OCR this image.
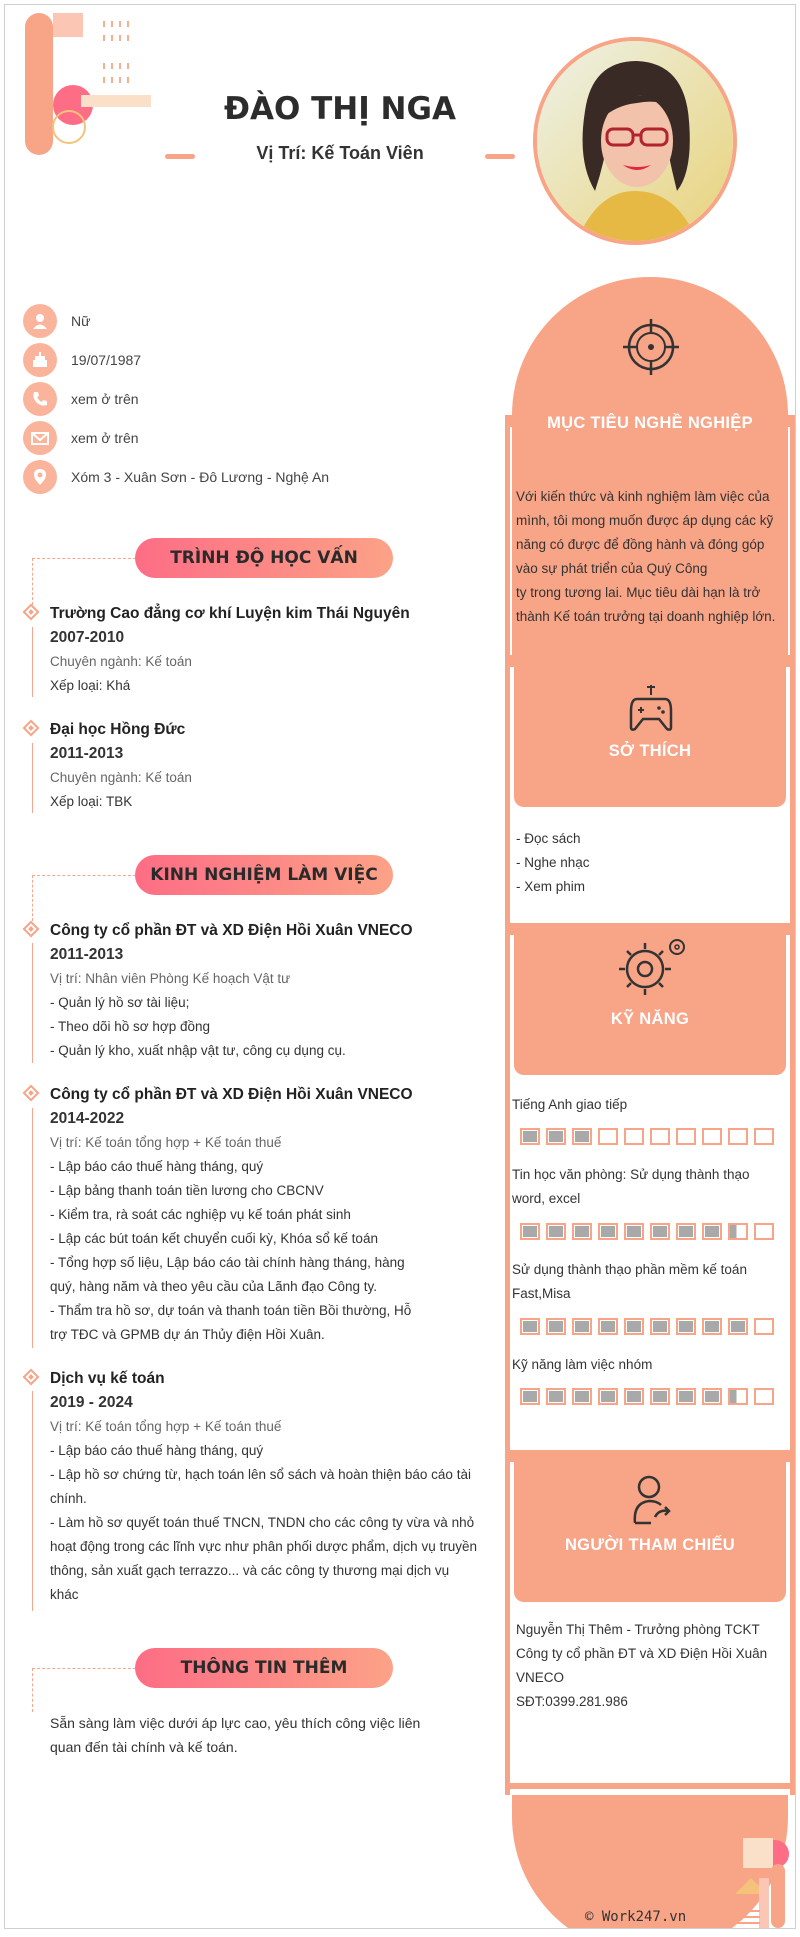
ĐÀO THỊ NGA
Vị Trí: Kế Toán Viên
Nữ
19/07/1987
xem ở trên
xem ở trên
Xóm 3 - Xuân Sơn - Đô Lương - Nghệ An
TRÌNH ĐỘ HỌC VẤN
Trường Cao đẳng cơ khí Luyện kim Thái Nguyên
2007-2010
Chuyên ngành: Kế toán
Xếp loại: Khá
Đại học Hồng Đức
2011-2013
Chuyên ngành: Kế toán
Xếp loại: TBK
KINH NGHIỆM LÀM VIỆC
Công ty cổ phần ĐT và XD Điện Hồi Xuân VNECO
2011-2013
Vị trí: Nhân viên Phòng Kế hoạch Vật tư
- Quản lý hồ sơ tài liệu;
- Theo dõi hồ sơ hợp đồng
- Quản lý kho, xuất nhập vật tư, công cụ dụng cụ.
Công ty cổ phần ĐT và XD Điện Hồi Xuân VNECO
2014-2022
Vị trí: Kế toán tổng hợp + Kế toán thuế
- Lập báo cáo thuế hàng tháng, quý
- Lập bảng thanh toán tiền lương cho CBCNV
- Kiểm tra, rà soát các nghiệp vụ kế toán phát sinh
- Lập các bút toán kết chuyển cuối kỳ, Khóa sổ kế toán
- Tổng hợp số liệu, Lập báo cáo tài chính hàng tháng, hàng
quý, hàng năm và theo yêu cầu của Lãnh đạo Công ty.
- Thẩm tra hồ sơ, dự toán và thanh toán tiền Bồi thường, Hỗ
trợ TĐC và GPMB dự án Thủy điện Hồi Xuân.
Dịch vụ kế toán
2019 - 2024
Vị trí: Kế toán tổng hợp + Kế toán thuế
- Lập báo cáo thuế hàng tháng, quý
- Lập hồ sơ chứng từ, hạch toán lên sổ sách và hoàn thiện báo cáo tài
chính.
- Làm hồ sơ quyết toán thuế TNCN, TNDN cho các công ty vừa và nhỏ
hoạt động trong các lĩnh vực như phân phối dược phẩm, dịch vụ truyền
thông, sản xuất gạch terrazzo... và các công ty thương mại dịch vụ
khác
THÔNG TIN THÊM
Sẵn sàng làm việc dưới áp lực cao, yêu thích công việc liên
quan đến tài chính và kế toán.
MỤC TIÊU NGHỀ NGHIỆP
Với kiến thức và kinh nghiệm làm việc của
mình, tôi mong muốn được áp dụng các kỹ
năng có được để đồng hành và đóng góp
vào sự phát triển của Quý Công
ty trong tương lai. Mục tiêu dài hạn là trở
thành Kế toán trưởng tại doanh nghiệp lớn.
SỞ THÍCH
- Đọc sách
- Nghe nhạc
- Xem phim
KỸ NĂNG
Tiếng Anh giao tiếp
Tin học văn phòng: Sử dụng thành thạo
word, excel
Sử dụng thành thạo phần mềm kế toán
Fast,Misa
Kỹ năng làm việc nhóm
NGƯỜI THAM CHIẾU
Nguyễn Thị Thêm - Trưởng phòng TCKT
Công ty cổ phần ĐT và XD Điện Hồi Xuân
VNECO
SĐT:0399.281.986
© Work247.vn
